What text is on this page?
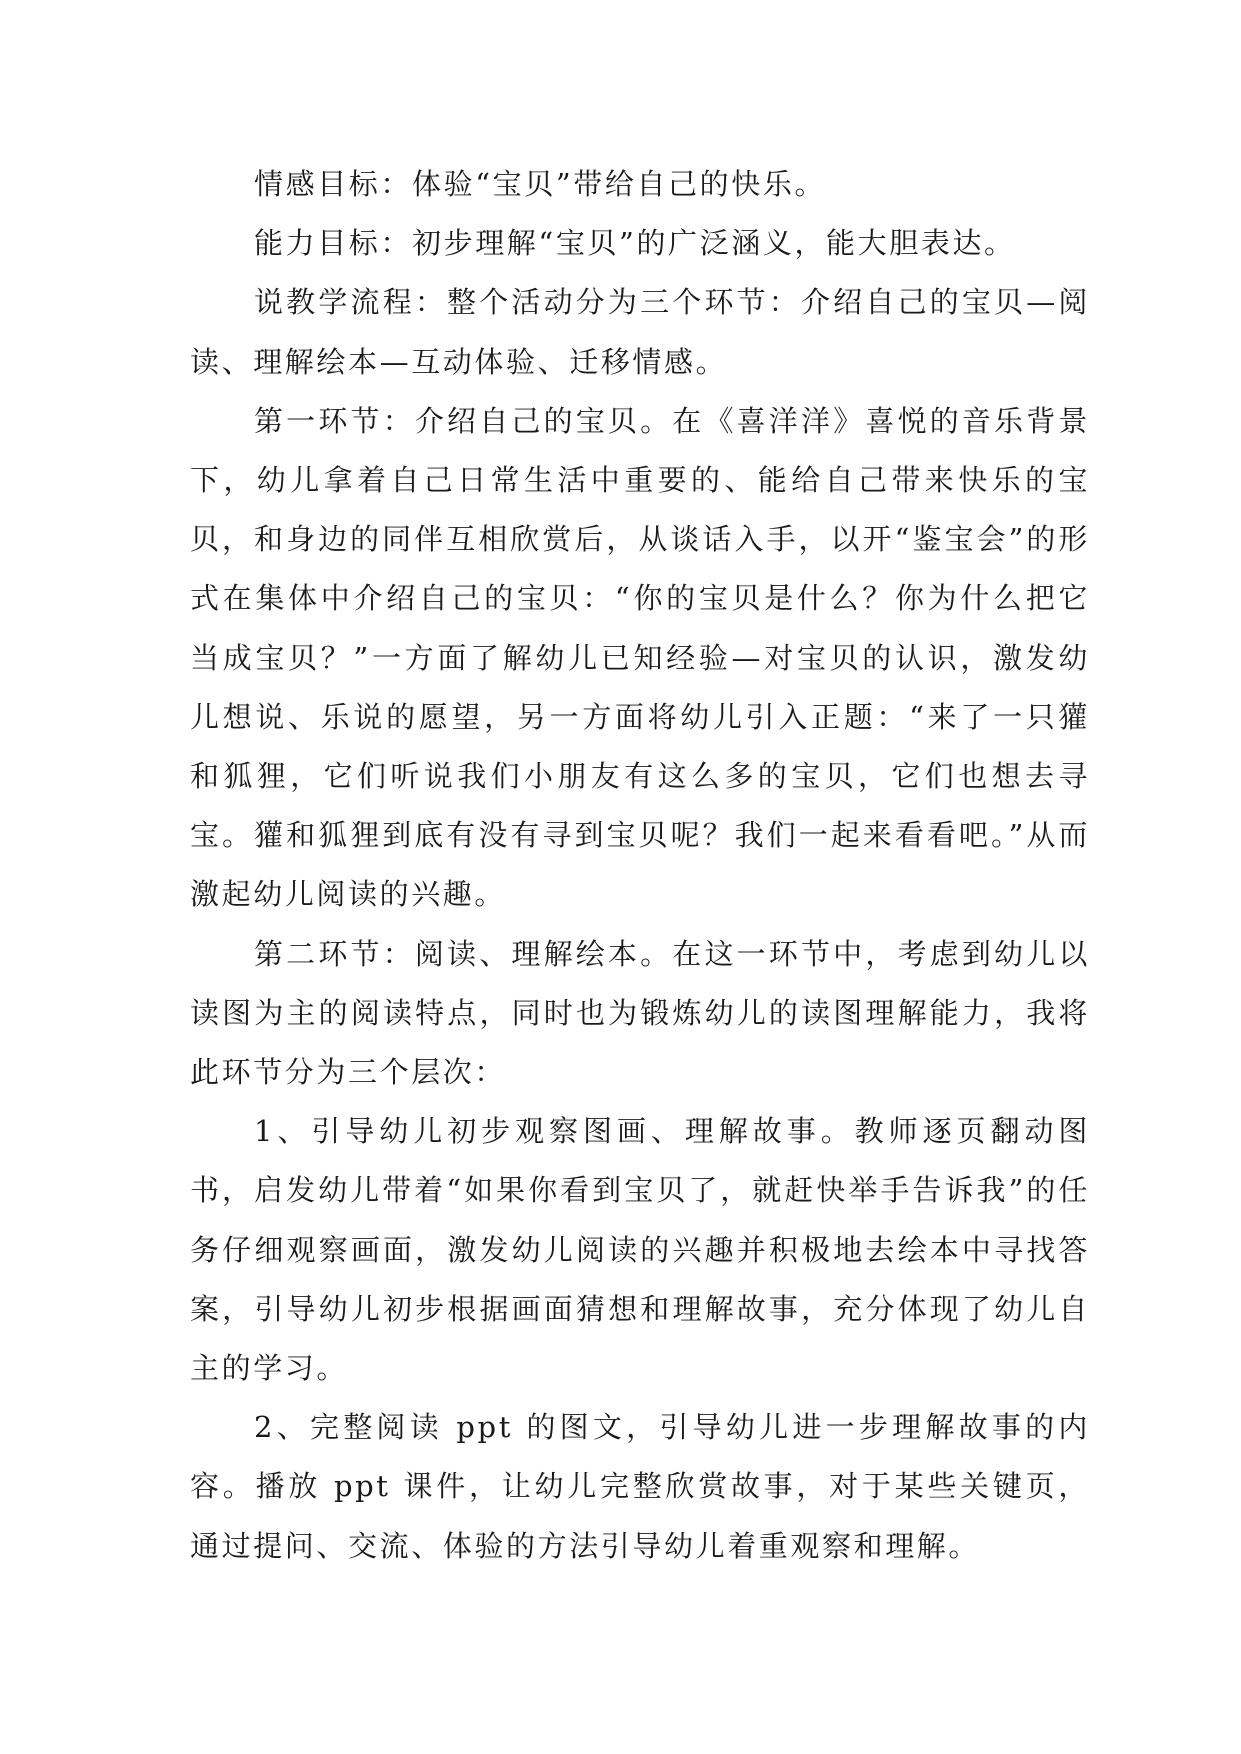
情感目标：体验“宝贝”带给自己的快乐。

能力目标：初步理解“宝贝”的广泛涵义，能大胆表达。

说教学流程：整个活动分为三个环节：介绍自己的宝贝—阅读、理解绘本—互动体验、迁移情感。

第一环节：介绍自己的宝贝。在《喜洋洋》喜悦的音乐背景下，幼儿拿着自己日常生活中重要的、能给自己带来快乐的宝贝，和身边的同伴互相欣赏后，从谈话入手，以开“鉴宝会”的形式在集体中介绍自己的宝贝：“你的宝贝是什么？你为什么把它当成宝贝？”一方面了解幼儿已知经验—对宝贝的认识，激发幼儿想说、乐说的愿望，另一方面将幼儿引入正题：“来了一只獾和狐狸，它们听说我们小朋友有这么多的宝贝，它们也想去寻宝。獾和狐狸到底有没有寻到宝贝呢？我们一起来看看吧。”从而激起幼儿阅读的兴趣。

第二环节：阅读、理解绘本。在这一环节中，考虑到幼儿以读图为主的阅读特点，同时也为锻炼幼儿的读图理解能力，我将此环节分为三个层次：

1、引导幼儿初步观察图画、理解故事。教师逐页翻动图书，启发幼儿带着“如果你看到宝贝了，就赶快举手告诉我”的任务仔细观察画面，激发幼儿阅读的兴趣并积极地去绘本中寻找答案，引导幼儿初步根据画面猜想和理解故事，充分体现了幼儿自主的学习。

2、完整阅读 ppt 的图文，引导幼儿进一步理解故事的内容。播放 ppt 课件，让幼儿完整欣赏故事，对于某些关键页，通过提问、交流、体验的方法引导幼儿着重观察和理解。
